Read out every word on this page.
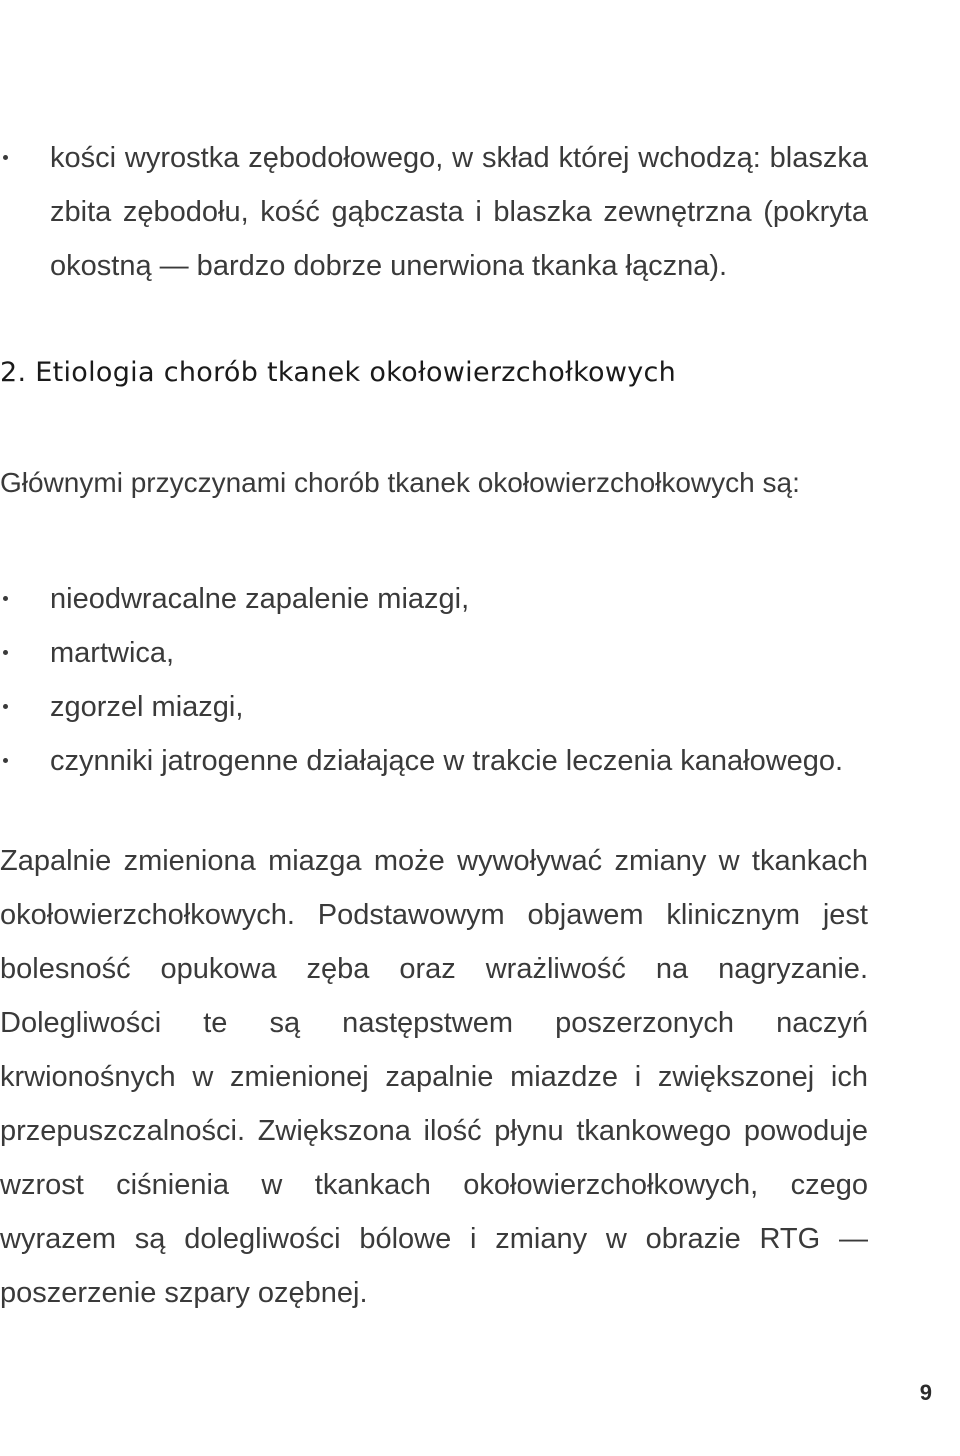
kości wyrostka zębodołowego, w skład której wchodzą: blaszka zbita zębodołu, kość gąbczasta i blaszka zewnętrzna (pokryta okostną — bardzo dobrze unerwiona tkanka łączna).
2. Etiologia chorób tkanek okołowierzchołkowych

Głównymi przyczynami chorób tkanek okołowierzchołkowych są:

nieodwracalne zapalenie miazgi,
martwica,
zgorzel miazgi,
czynniki jatrogenne działające w trakcie leczenia kanałowego.

Zapalnie zmieniona miazga może wywoływać zmiany w tkankach okołowierzchołkowych. Podstawowym objawem klinicznym jest bolesność opukowa zęba oraz wrażliwość na nagryzanie. Dolegliwości te są następstwem poszerzonych naczyń krwionośnych w zmienionej zapalnie miazdze i zwiększonej ich przepuszczalności. Zwiększona ilość płynu tkankowego powoduje wzrost ciśnienia w tkankach okołowierzchołkowych, czego wyrazem są dolegliwości bólowe i zmiany w obrazie RTG — poszerzenie szpary ozębnej.

9
